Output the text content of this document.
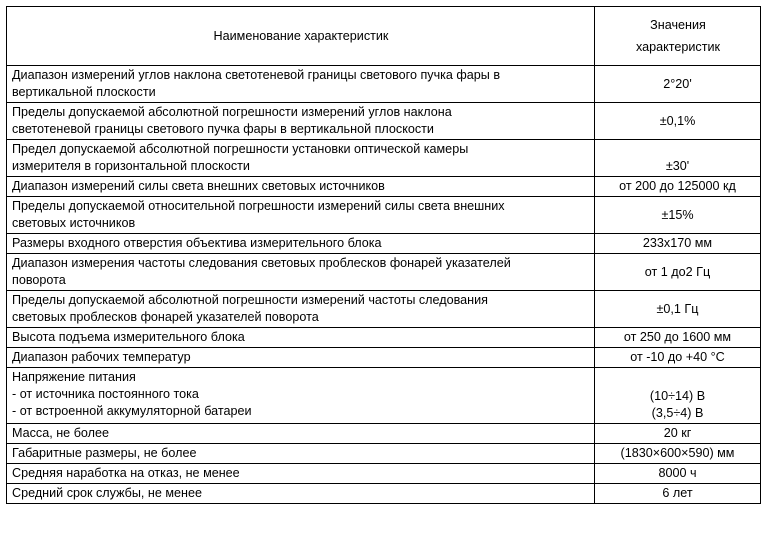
Наименование характеристик	Значения
характеристик

Диапазон измерений углов наклона светотеневой границы светового пучка фары в
вертикальной плоскости	2°20'

Пределы допускаемой абсолютной погрешности измерений углов наклона
светотеневой границы светового пучка фары в вертикальной плоскости	±0,1%

Предел допускаемой абсолютной погрешности установки оптической камеры
измерителя в горизонтальной плоскости	±30'

Диапазон измерений силы света внешних световых источников	от 200 до 125000 кд

Пределы допускаемой относительной погрешности измерений силы света внешних
световых источников	±15%

Размеры входного отверстия объектива измерительного блока	233х170 мм

Диапазон измерения частоты следования световых проблесков фонарей указателей
поворота	от 1 до2 Гц

Пределы допускаемой абсолютной погрешности измерений частоты следования
световых проблесков фонарей указателей поворота	±0,1 Гц

Высота подъема измерительного блока	от 250 до 1600 мм

Диапазон рабочих температур	от -10 до +40 °С

Напряжение питания
- от источника постоянного тока
- от встроенной аккумуляторной батареи	(10÷14) В
(3,5÷4) В

Масса, не более	20 кг

Габаритные размеры, не более	(1830×600×590) мм

Средняя наработка на отказ, не менее	8000 ч

Средний срок службы, не менее	6 лет
